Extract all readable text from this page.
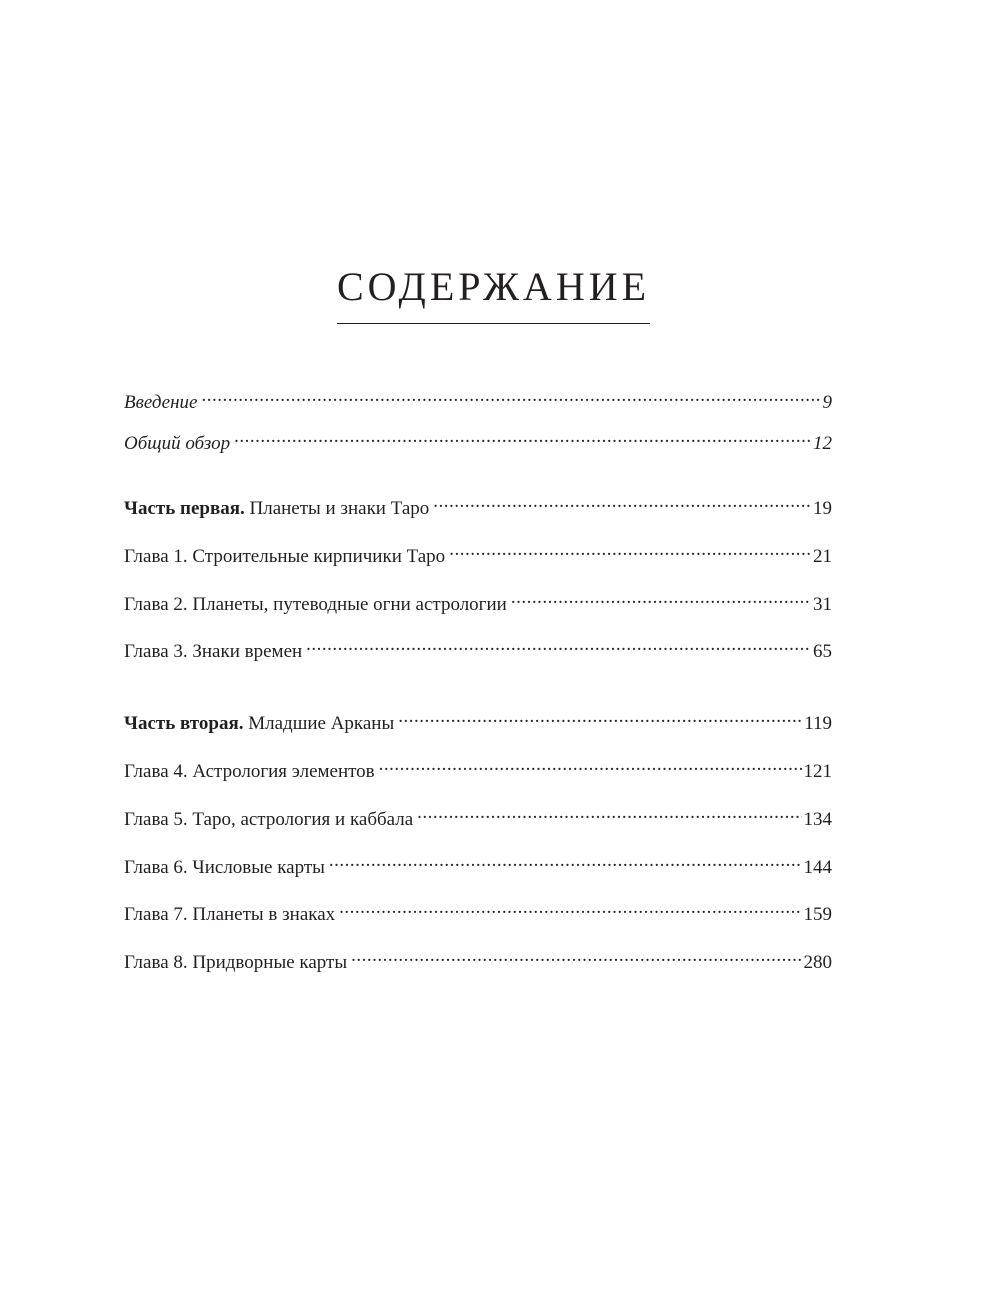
СОДЕРЖАНИЕ
Введение .....	9
Общий обзор .....	12
Часть первая. Планеты и знаки Таро .....	19
Глава 1. Строительные кирпичики Таро .....	21
Глава 2. Планеты, путеводные огни астрологии .....	31
Глава 3. Знаки времен .....	65
Часть вторая. Младшие Арканы .....	119
Глава 4. Астрология элементов .....	121
Глава 5. Таро, астрология и каббала .....	134
Глава 6. Числовые карты .....	144
Глава 7. Планеты в знаках .....	159
Глава 8. Придворные карты .....	280
